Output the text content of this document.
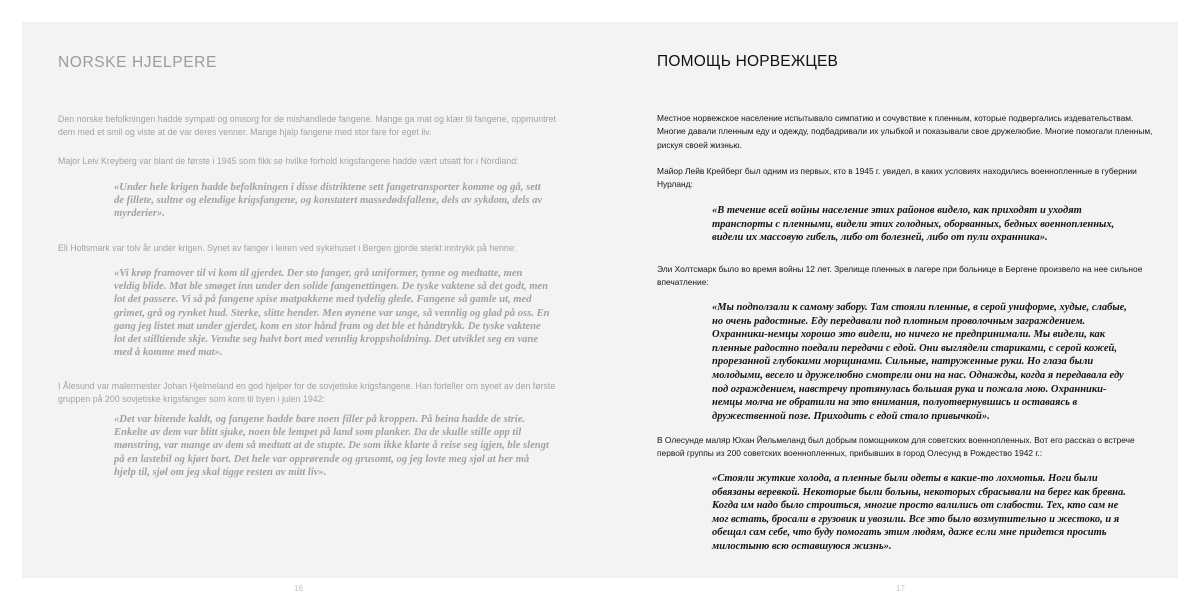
NORSKE HJELPERE

Den norske befolkningen hadde sympati og omsorg for de mishandlede fangene. Mange ga mat og klær til fangene, oppmuntret dem med et smil og viste at de var deres venner. Mange hjalp fangene med stor fare for eget liv.

Major Leiv Kreyberg var blant de første i 1945 som fikk se hvilke forhold krigsfangene hadde vært utsatt for i Nordland:

«Under hele krigen hadde befolkningen i disse distriktene sett fangetransporter komme og gå, sett de fillete, sultne og elendige krigsfangene, og konstatert massedødsfallene, dels av sykdom, dels av myrderier».

Eli Holtsmark var tolv år under krigen. Synet av fanger i leiren ved sykehuset i Bergen gjorde sterkt inntrykk på henne:

«Vi krøp framover til vi kom til gjerdet. Der sto fanger, grå uniformer, tynne og medtatte, men veldig blide. Mat ble smøget inn under den solide fangenettingen. De tyske vaktene så det godt, men lot det passere. Vi så på fangene spise matpakkene med tydelig glede. Fangene så gamle ut, med grimet, grå og rynket hud. Sterke, slitte hender. Men øynene var unge, så vennlig og glad på oss. En gang jeg listet mat under gjerdet, kom en stor hånd fram og det ble et håndtrykk. De tyske vaktene lot det stilltiende skje. Vendte seg halvt bort med vennlig kroppsholdning. Det utviklet seg en vane med å komme med mat».

I Ålesund var malermester Johan Hjelmeland en god hjelper for de sovjetiske krigsfangene. Han forteller om synet av den første gruppen på 200 sovjetiske krigsfanger som kom til byen i julen 1942:

«Det var bitende kaldt, og fangene hadde bare noen filler på kroppen. På beina hadde de strie. Enkelte av dem var blitt sjuke, noen ble lempet på land som planker. Da de skulle stille opp til mønstring, var mange av dem så medtatt at de stupte. De som ikke klarte å reise seg igjen, ble slengt på en lastebil og kjørt bort. Det hele var opprørende og grusomt, og jeg lovte meg sjøl at her må hjelp til, sjøl om jeg skal tigge resten av mitt liv».

16
ПОМОЩЬ НОРВЕЖЦЕВ

Местное норвежское население испытывало симпатию и сочувствие к пленным, которые подвергались издевательствам. Многие давали пленным еду и одежду, подбадривали их улыбкой и показывали свое дружелюбие. Многие помогали пленным, рискуя своей жизнью.

Майор Лейв Крейберг был одним из первых, кто в 1945 г. увидел, в каких условиях находились военнопленные в губернии Нурланд:

«В течение всей войны население этих районов видело, как приходят и уходят транспорты с пленными, видели этих голодных, оборванных, бедных военнопленных, видели их массовую гибель, либо от болезней, либо от пули охранника».

Эли Холтсмарк было во время войны 12 лет. Зрелище пленных в лагере при больнице в Бергене произвело на нее сильное впечатление:

«Мы подползали к самому забору. Там стояли пленные, в серой униформе, худые, слабые, но очень радостные. Еду передавали под плотным проволочным заграждением. Охранники-немцы хорошо это видели, но ничего не предпринимали. Мы видели, как пленные радостно поедали передачи с едой. Они выглядели стариками, с серой кожей, прорезанной глубокими морщинами. Сильные, натруженные руки. Но глаза были молодыми, весело и дружелюбно смотрели они на нас. Однажды, когда я передавала еду под ограждением, навстречу протянулась большая рука и пожала мою. Охранники-немцы молча не обратили на это внимания, полуотвернувшись и оставаясь в дружественной позе. Приходить с едой стало привычкой».

В Олесунде маляр Юхан Йельмеланд был добрым помощником для советских военнопленных. Вот его рассказ о встрече первой группы из 200 советских военнопленных, прибывших в город Олесунд в Рождество 1942 г.:

«Стояли жуткие холода, а пленные были одеты в какие-то лохмотья. Ноги были обвязаны веревкой. Некоторые были больны, некоторых сбрасывали на берег как бревна. Когда им надо было строиться, многие просто валились от слабости. Тех, кто сам не мог встать, бросали в грузовик и увозили. Все это было возмутительно и жестоко, и я обещал сам себе, что буду помогать этим людям, даже если мне придется просить милостыню всю оставшуюся жизнь».

17
